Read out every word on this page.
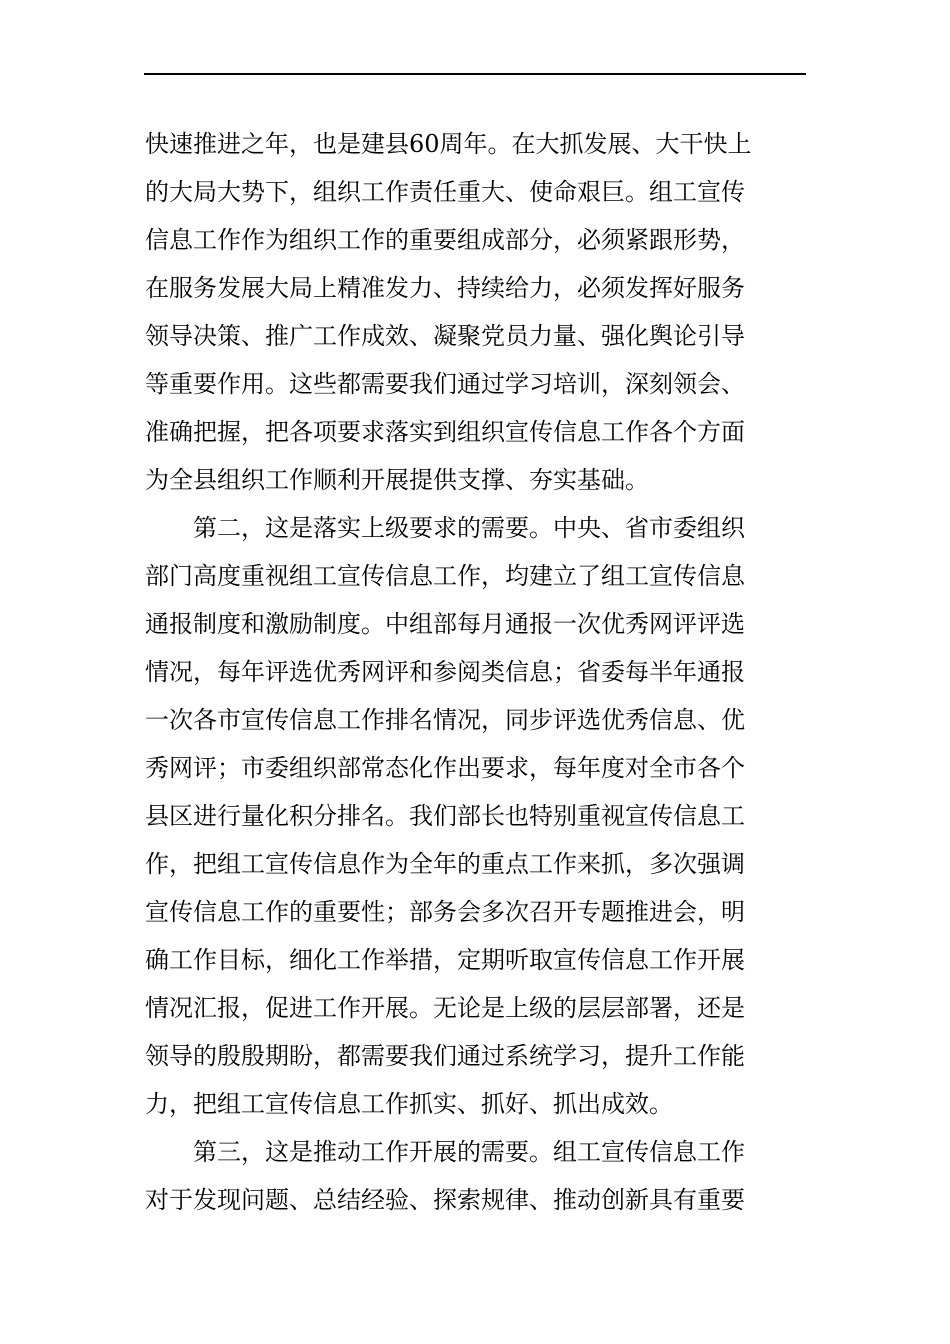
快速推进之年，也是建县60周年。在大抓发展、大干快上
的大局大势下，组织工作责任重大、使命艰巨。组工宣传
信息工作作为组织工作的重要组成部分，必须紧跟形势，
在服务发展大局上精准发力、持续给力，必须发挥好服务
领导决策、推广工作成效、凝聚党员力量、强化舆论引导
等重要作用。这些都需要我们通过学习培训，深刻领会、
准确把握，把各项要求落实到组织宣传信息工作各个方面
为全县组织工作顺利开展提供支撑、夯实基础。
第二，这是落实上级要求的需要。中央、省市委组织
部门高度重视组工宣传信息工作，均建立了组工宣传信息
通报制度和激励制度。中组部每月通报一次优秀网评评选
情况，每年评选优秀网评和参阅类信息；省委每半年通报
一次各市宣传信息工作排名情况，同步评选优秀信息、优
秀网评；市委组织部常态化作出要求，每年度对全市各个
县区进行量化积分排名。我们部长也特别重视宣传信息工
作，把组工宣传信息作为全年的重点工作来抓，多次强调
宣传信息工作的重要性；部务会多次召开专题推进会，明
确工作目标，细化工作举措，定期听取宣传信息工作开展
情况汇报，促进工作开展。无论是上级的层层部署，还是
领导的殷殷期盼，都需要我们通过系统学习，提升工作能
力，把组工宣传信息工作抓实、抓好、抓出成效。
第三，这是推动工作开展的需要。组工宣传信息工作
对于发现问题、总结经验、探索规律、推动创新具有重要
